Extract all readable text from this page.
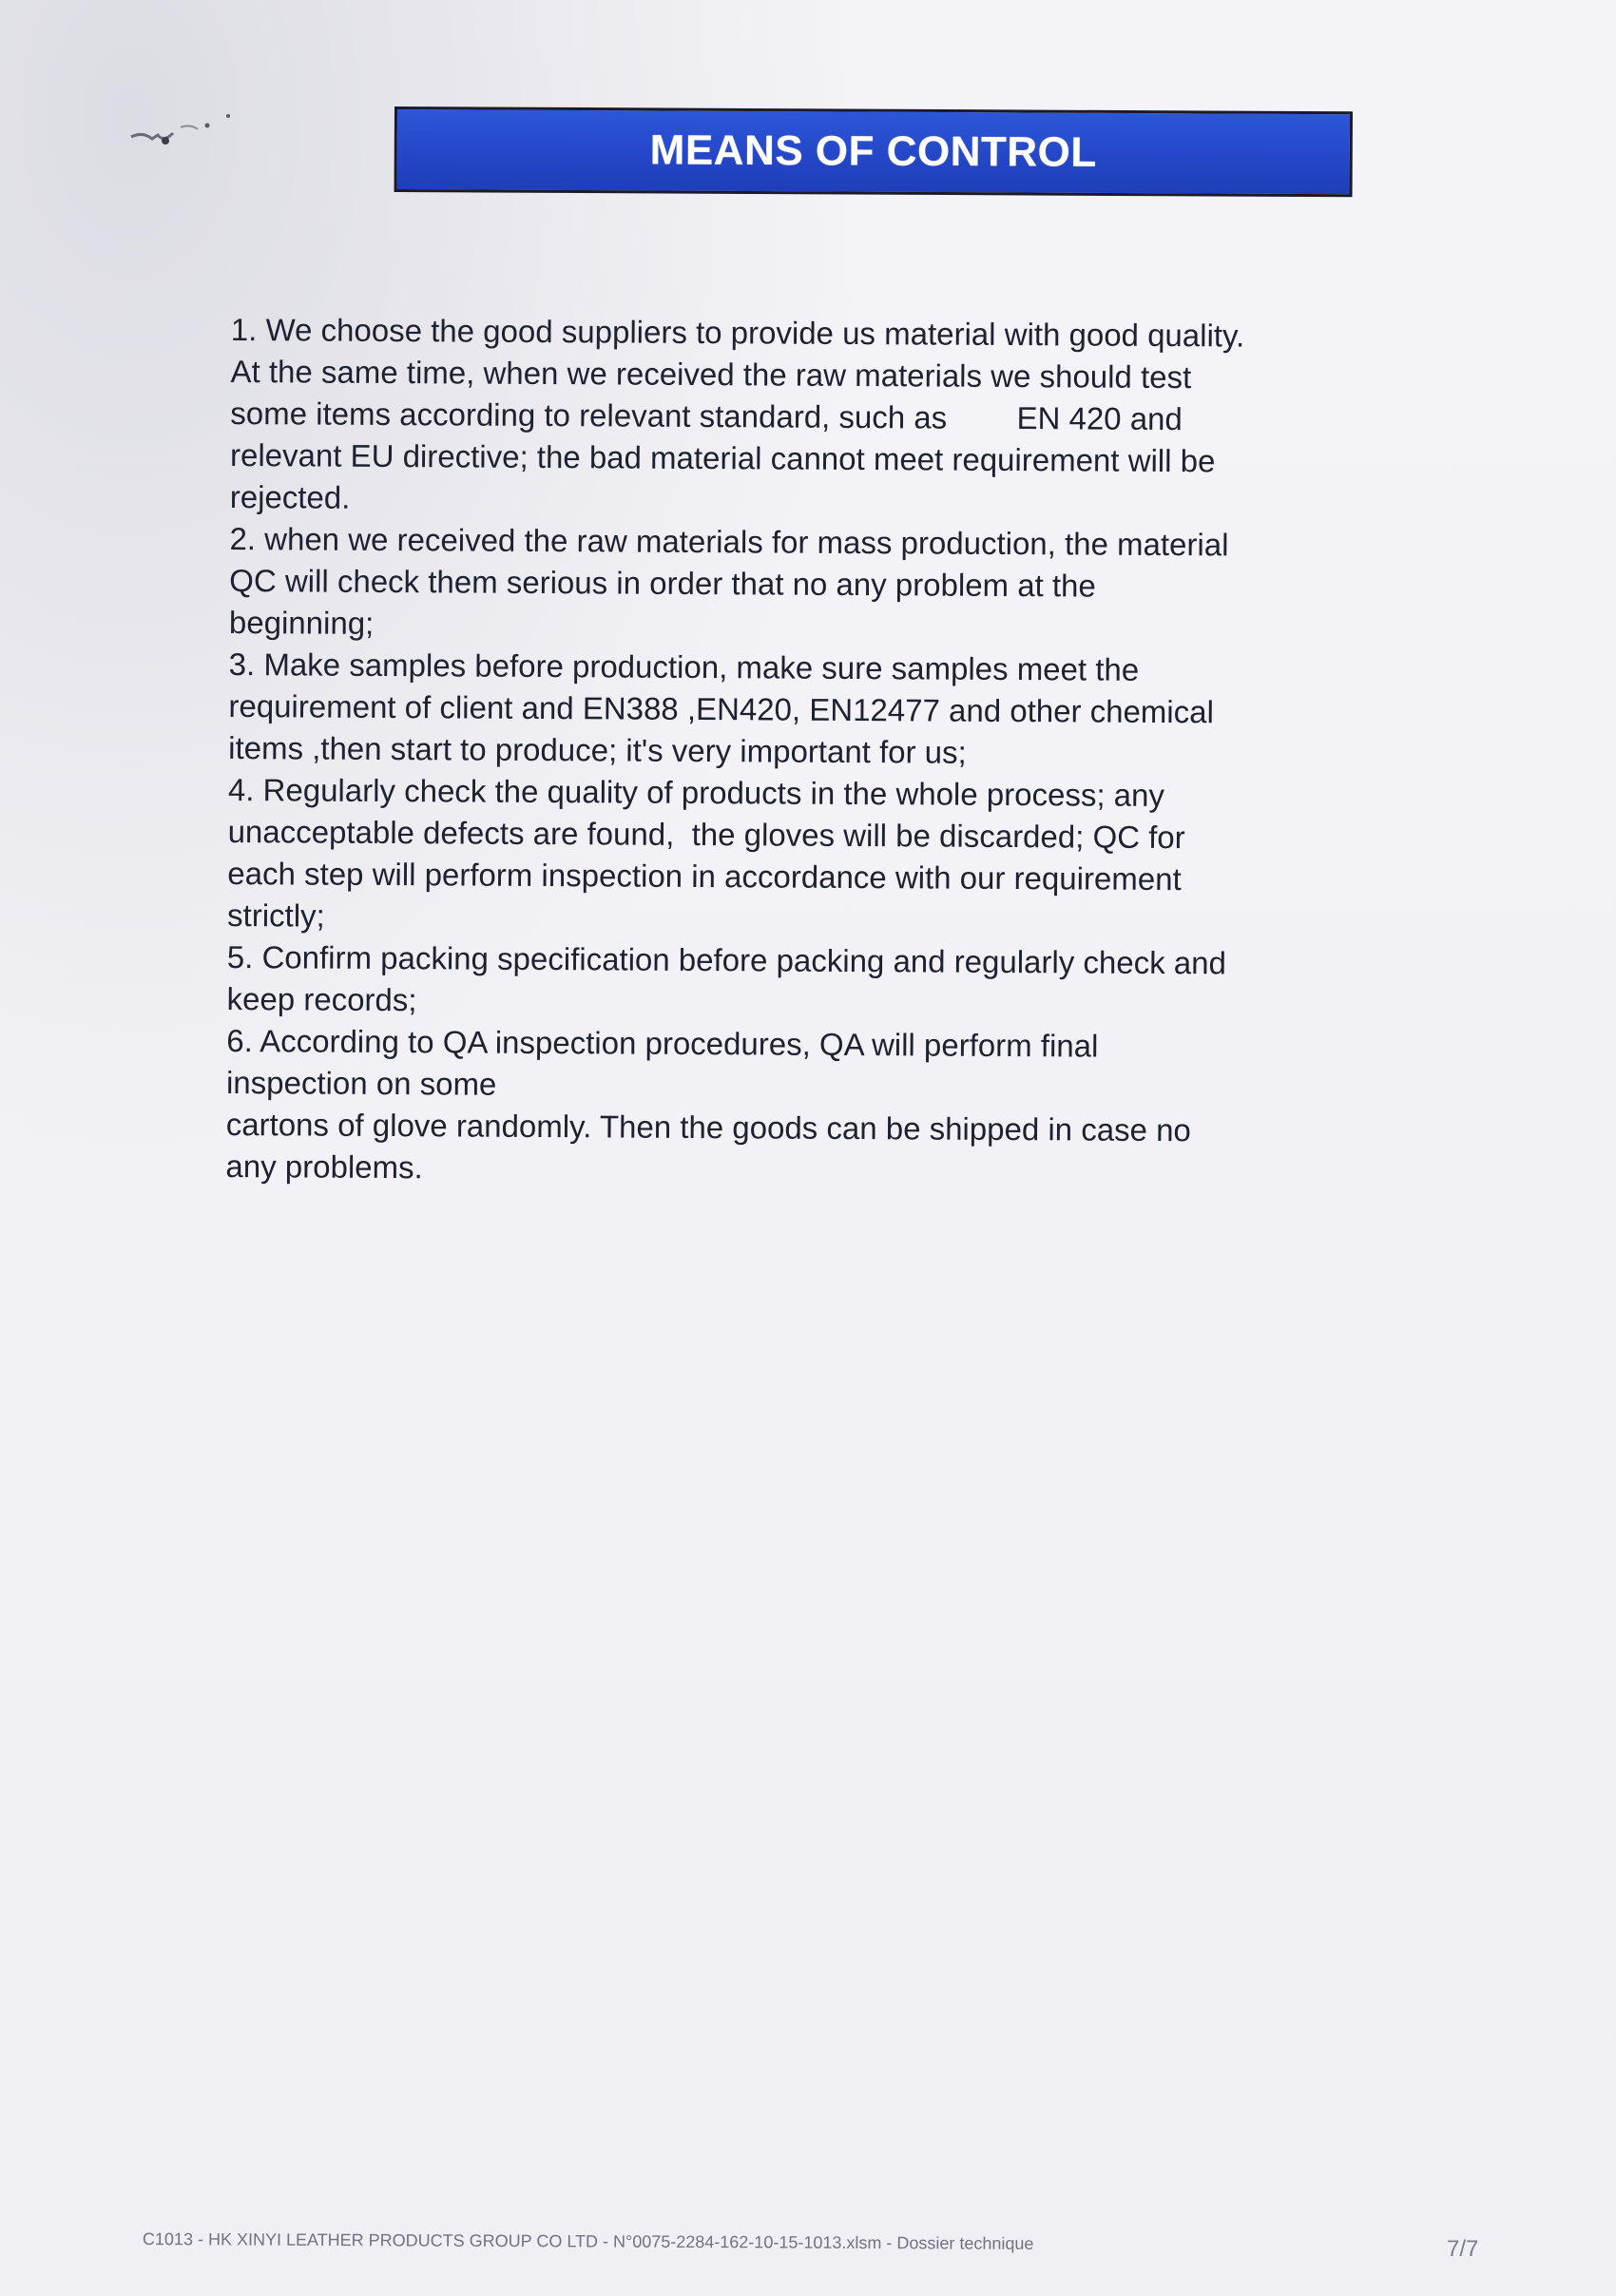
MEANS OF CONTROL
1. We choose the good suppliers to provide us material with good quality.
At the same time, when we received the raw materials we should test
some items according to relevant standard, such as        EN 420 and
relevant EU directive; the bad material cannot meet requirement will be
rejected.
2. when we received the raw materials for mass production, the material
QC will check them serious in order that no any problem at the
beginning;
3. Make samples before production, make sure samples meet the
requirement of client and EN388 ,EN420, EN12477 and other chemical
items ,then start to produce; it's very important for us;
4. Regularly check the quality of products in the whole process; any
unacceptable defects are found,  the gloves will be discarded; QC for
each step will perform inspection in accordance with our requirement
strictly;
5. Confirm packing specification before packing and regularly check and
keep records;
6. According to QA inspection procedures, QA will perform final
inspection on some
cartons of glove randomly. Then the goods can be shipped in case no
any problems.
C1013 - HK XINYI LEATHER PRODUCTS GROUP CO LTD - N°0075-2284-162-10-15-1013.xlsm - Dossier technique	7/7
